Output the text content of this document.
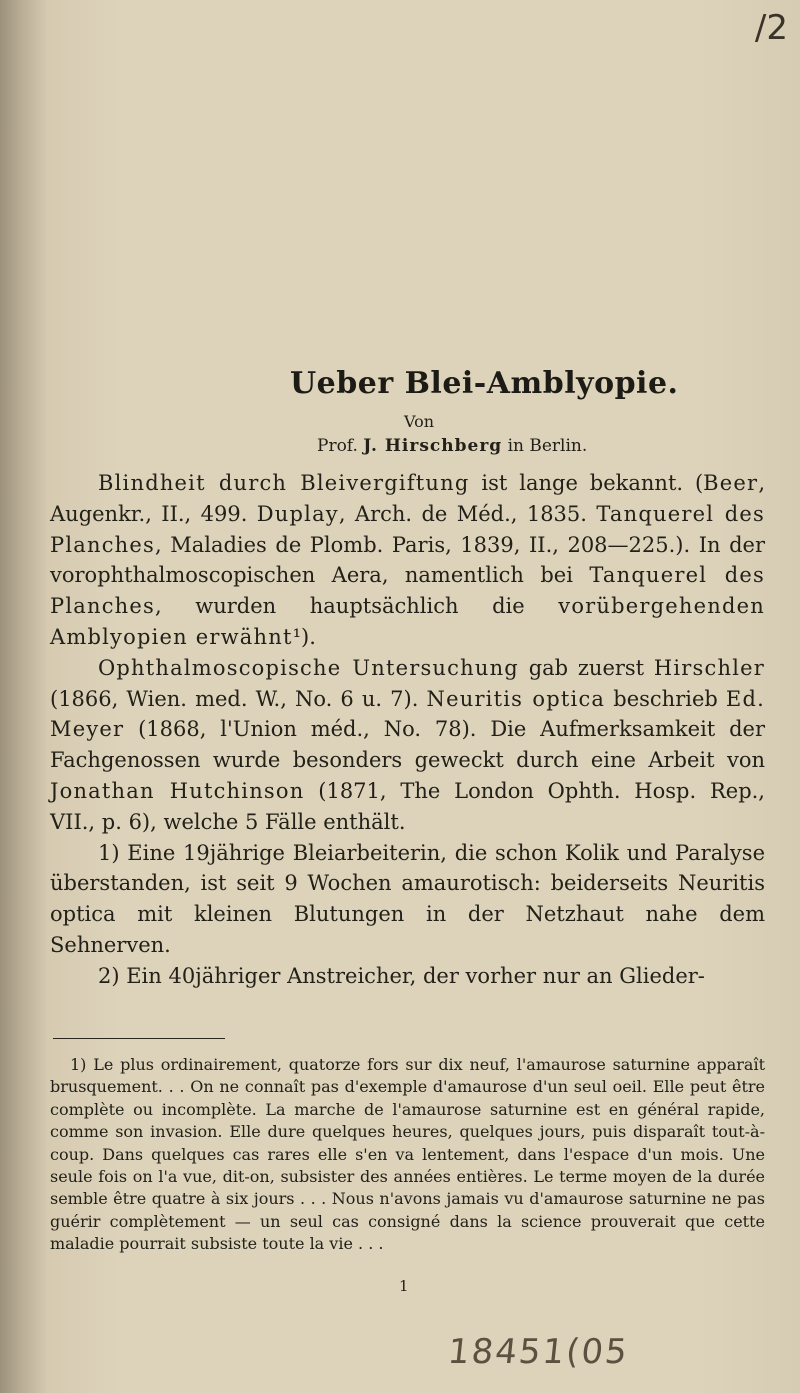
/2
Ueber Blei-Amblyopie.
Von
Prof. J. Hirschberg in Berlin.

Blindheit durch Bleivergiftung ist lange bekannt. (Beer, Augenkr., II., 499. Duplay, Arch. de Méd., 1835. Tanquerel des Planches, Maladies de Plomb. Paris, 1839, II., 208—225.). In der vorophthalmoscopischen Aera, namentlich bei Tanquerel des Planches, wurden hauptsächlich die vorübergehenden Amblyopien erwähnt¹).

Ophthalmoscopische Untersuchung gab zuerst Hirschler (1866, Wien. med. W., No. 6 u. 7). Neuritis optica beschrieb Ed. Meyer (1868, l'Union méd., No. 78). Die Aufmerksamkeit der Fachgenossen wurde besonders geweckt durch eine Arbeit von Jonathan Hutchinson (1871, The London Ophth. Hosp. Rep., VII., p. 6), welche 5 Fälle enthält.

1) Eine 19jährige Bleiarbeiterin, die schon Kolik und Paralyse überstanden, ist seit 9 Wochen amaurotisch: beiderseits Neuritis optica mit kleinen Blutungen in der Netzhaut nahe dem Sehnerven.

2) Ein 40jähriger Anstreicher, der vorher nur an Glieder-

1) Le plus ordinairement, quatorze fors sur dix neuf, l'amaurose saturnine apparaît brusquement. . . On ne connaît pas d'exemple d'amaurose d'un seul oeil. Elle peut être complète ou incomplète. La marche de l'amaurose saturnine est en général rapide, comme son invasion. Elle dure quelques heures, quelques jours, puis disparaît tout-à-coup. Dans quelques cas rares elle s'en va lentement, dans l'espace d'un mois. Une seule fois on l'a vue, dit-on, subsister des années entières. Le terme moyen de la durée semble être quatre à six jours . . . Nous n'avons jamais vu d'amaurose saturnine ne pas guérir complètement — un seul cas consigné dans la science prouverait que cette maladie pourrait subsiste toute la vie . . .

1
18451(05
